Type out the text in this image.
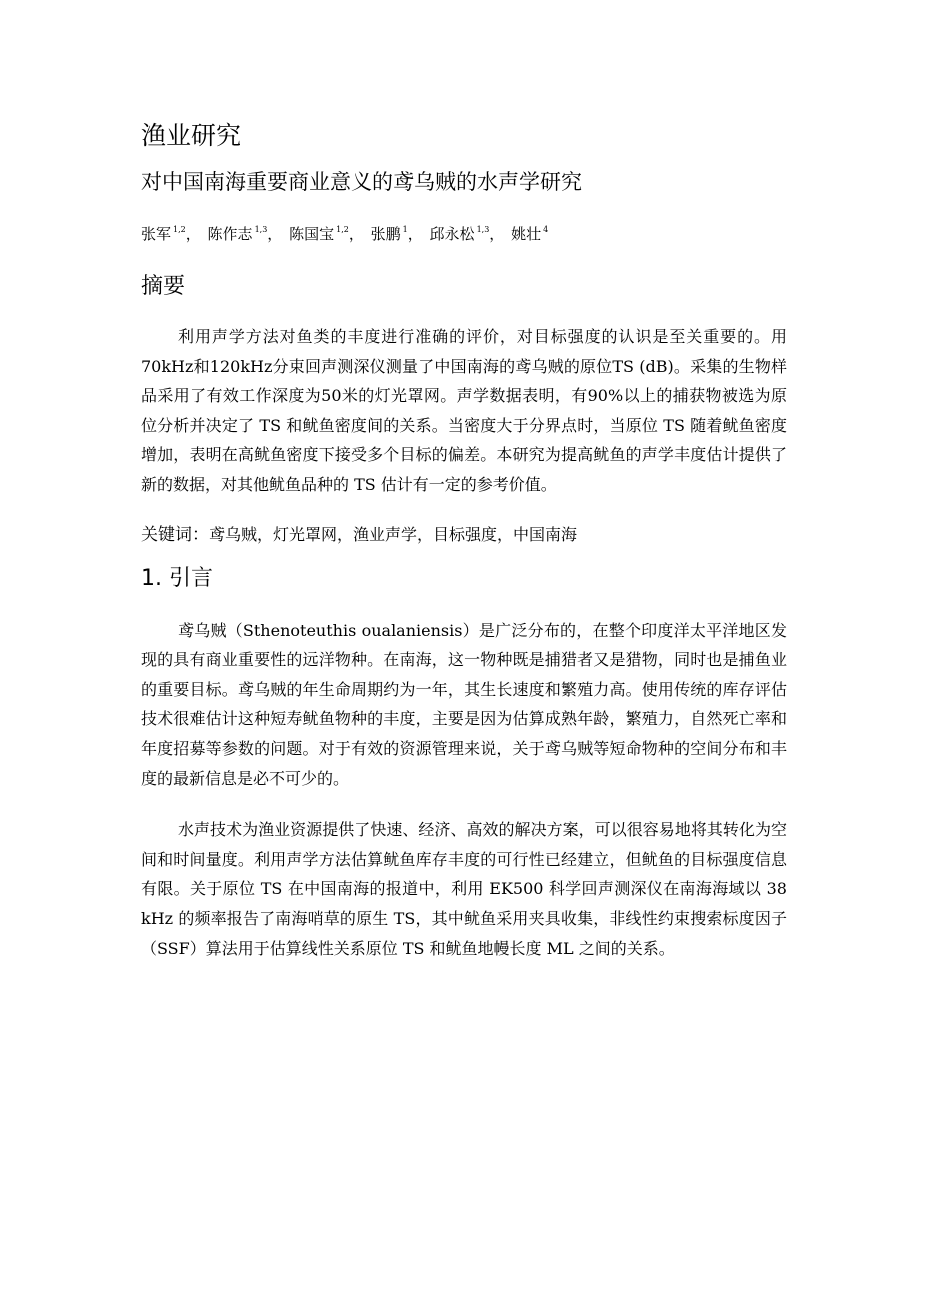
渔业研究
对中国南海重要商业意义的鸢乌贼的水声学研究
张军 $^{1,2}$， 陈作志 $^{1,3}$， 陈国宝 $^{1,2}$， 张鹏 $^1$， 邱永松 $^{1,3}$， 姚壮 $^4$
摘要

利用声学方法对鱼类的丰度进行准确的评价，对目标强度的认识是至关重要的。用70kHz和120kHz分束回声测深仪测量了中国南海的鸢乌贼的原位TS (dB)。采集的生物样品采用了有效工作深度为50米的灯光罩网。声学数据表明，有90%以上的捕获物被选为原位分析并决定了 TS 和鱿鱼密度间的关系。当密度大于分界点时，当原位 TS 随着鱿鱼密度增加，表明在高鱿鱼密度下接受多个目标的偏差。本研究为提高鱿鱼的声学丰度估计提供了新的数据，对其他鱿鱼品种的 TS 估计有一定的参考价值。

关键词：鸢乌贼，灯光罩网，渔业声学，目标强度，中国南海
1. 引言

鸢乌贼（Sthenoteuthis oualaniensis）是广泛分布的，在整个印度洋太平洋地区发现的具有商业重要性的远洋物种。在南海，这一物种既是捕猎者又是猎物，同时也是捕鱼业的重要目标。鸢乌贼的年生命周期约为一年，其生长速度和繁殖力高。使用传统的库存评估技术很难估计这种短寿鱿鱼物种的丰度，主要是因为估算成熟年龄，繁殖力，自然死亡率和年度招募等参数的问题。对于有效的资源管理来说，关于鸢乌贼等短命物种的空间分布和丰度的最新信息是必不可少的。

水声技术为渔业资源提供了快速、经济、高效的解决方案，可以很容易地将其转化为空间和时间量度。利用声学方法估算鱿鱼库存丰度的可行性已经建立，但鱿鱼的目标强度信息有限。关于原位 TS 在中国南海的报道中，利用 EK500 科学回声测深仪在南海海域以 38 kHz 的频率报告了南海哨草的原生 TS，其中鱿鱼采用夹具收集，非线性约束搜索标度因子（SSF）算法用于估算线性关系原位 TS 和鱿鱼地幔长度 ML 之间的关系。
